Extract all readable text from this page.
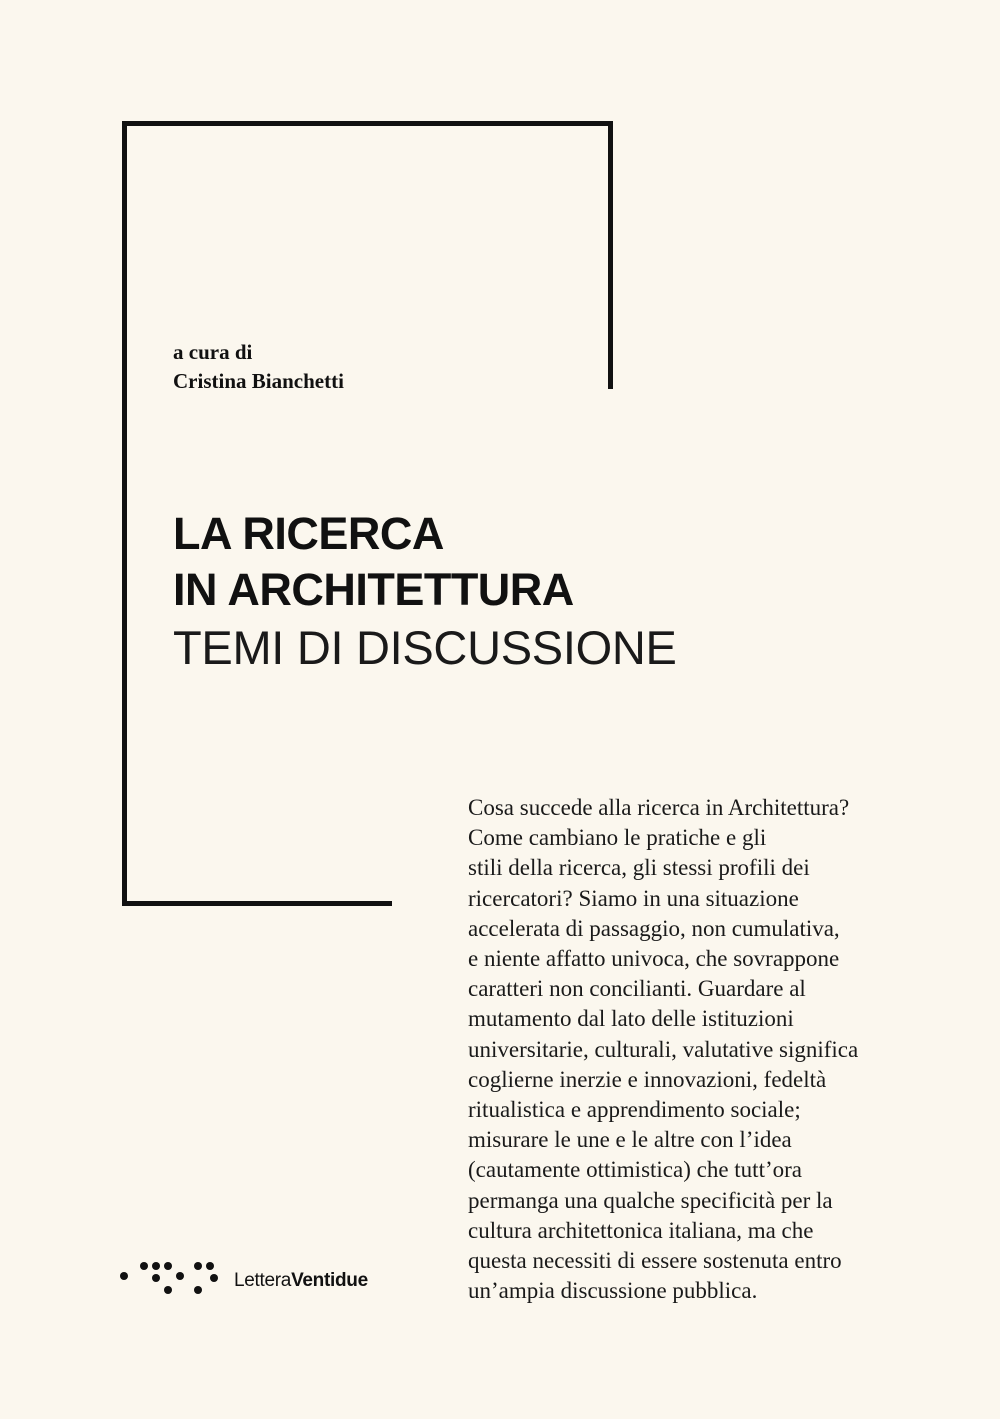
a cura di
Cristina Bianchetti
LA RICERCA
IN ARCHITETTURA
TEMI DI DISCUSSIONE
Cosa succede alla ricerca in Architettura?
Come cambiano le pratiche e gli
stili della ricerca, gli stessi profili dei
ricercatori? Siamo in una situazione
accelerata di passaggio, non cumulativa,
e niente affatto univoca, che sovrappone
caratteri non concilianti. Guardare al
mutamento dal lato delle istituzioni
universitarie, culturali, valutative significa
coglierne inerzie e innovazioni, fedeltà
ritualistica e apprendimento sociale;
misurare le une e le altre con l’idea
(cautamente ottimistica) che tutt’ora
permanga una qualche specificità per la
cultura architettonica italiana, ma che
questa necessiti di essere sostenuta entro
un’ampia discussione pubblica.
LetteraVentidue
